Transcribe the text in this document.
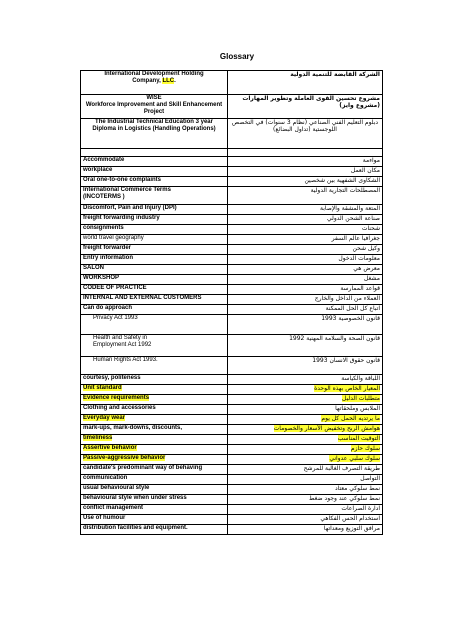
Glossary
International Development Holding
Company, LLC.	الشركة القابضة للتنمية الدولية
WISE
Workforce Improvement and Skill Enhancement Project	مشروع تحسين القوى العاملة وتطوير المهارات (مشروع وايز)
The Industrial Technical Education 3 year Diploma in Logistics (Handling Operations)	دبلوم التعليم الفني الصناعي (نظام 3 سنوات) في التخصص اللوجستية (تداول البضائع)

Accommodate	مواءمة
workplace	مكان العمل
Oral one-to-one complaints	الشكاوى الشفهية بين شخصين
International Commerce Terms
(INCOTERMS )	المصطلحات التجارية الدولية
Discomfort, Pain and Injury (DPI)	المتعة والمشقة والإصابة
freight forwarding industry	صناعة الشحن الدولي
consignments	شحنات
world travel geography	جغرافيا عالم السفر
freight forwarder	وكيل شحن
Entry information	معلومات الدخول
SALON	معرض هي
WORKSHOP	مشغل
CODEE OF PRACTICE	قواعد الممارسة
INTERNAL AND EXTERNAL CUSTOMERS	العملاء من الداخل والخارج
Can do approach	اتباع كل الحل الممكنة
Privacy Act 1993	قانون الخصوصية 1993
Health and Safety in
Employment Act 1992	قانون الصحة والسلامة المهنية 1992
Human Rights Act 1993.	قانون حقوق الانسان 1993
courtesy, politeness	اللباقة والكياسة
Unit standard	المعيار الخاص بهذه الوحدة
Evidence requirements	متطلبات الدليل
Clothing and accessories	الملابس وملحقاتها
Everyday wear	ما يرتديه الحمل كل يوم
mark-ups, mark-downs, discounts,	هوامش الربح وتخفيض الأسعار والخصومات
timeliness	التوقيت المناسب
Assertive behavior	سلوك حازم
Passive-aggressive behavior	سلوك سلبي عدواني
candidate's predominant way of behaving	طريقة التصرف الغالبة للمرشح
communication	التواصل
usual behavioural style	نمط سلوكي معتاد
behavioural style when under stress	نمط سلوكي عند وجود ضغط
conflict management	ادارة الصراعات
Use of humour	استخدام الحس الفكاهي
distribution facilities and equipment.	مرافق التوزيع ومعداتها
